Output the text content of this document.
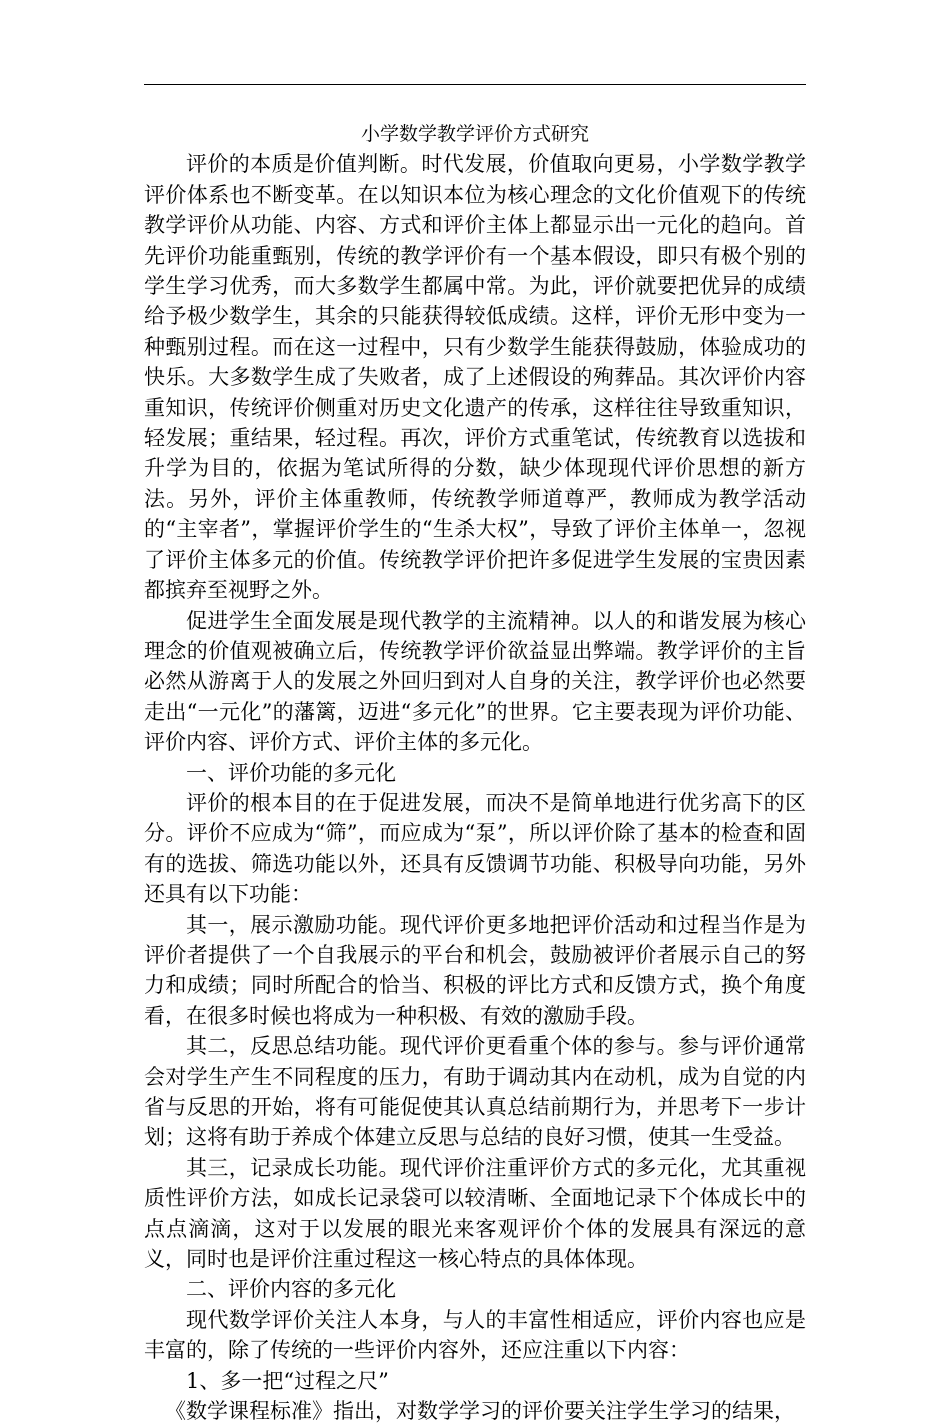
小学数学教学评价方式研究

评价的本质是价值判断。时代发展，价值取向更易，小学数学教学评价体系也不断变革。在以知识本位为核心理念的文化价值观下的传统教学评价从功能、内容、方式和评价主体上都显示出一元化的趋向。首先评价功能重甄别，传统的教学评价有一个基本假设，即只有极个别的学生学习优秀，而大多数学生都属中常。为此，评价就要把优异的成绩给予极少数学生，其余的只能获得较低成绩。这样，评价无形中变为一种甄别过程。而在这一过程中，只有少数学生能获得鼓励，体验成功的快乐。大多数学生成了失败者，成了上述假设的殉葬品。其次评价内容重知识，传统评价侧重对历史文化遗产的传承，这样往往导致重知识，轻发展；重结果，轻过程。再次，评价方式重笔试，传统教育以选拔和升学为目的，依据为笔试所得的分数，缺少体现现代评价思想的新方法。另外，评价主体重教师，传统教学师道尊严，教师成为教学活动的“主宰者”，掌握评价学生的“生杀大权”，导致了评价主体单一，忽视了评价主体多元的价值。传统教学评价把许多促进学生发展的宝贵因素都摈弃至视野之外。

促进学生全面发展是现代教学的主流精神。以人的和谐发展为核心理念的价值观被确立后，传统教学评价欲益显出弊端。教学评价的主旨必然从游离于人的发展之外回归到对人自身的关注，教学评价也必然要走出“一元化”的藩篱，迈进“多元化”的世界。它主要表现为评价功能、评价内容、评价方式、评价主体的多元化。

一、评价功能的多元化

评价的根本目的在于促进发展，而决不是简单地进行优劣高下的区分。评价不应成为“筛”，而应成为“泵”，所以评价除了基本的检查和固有的选拔、筛选功能以外，还具有反馈调节功能、积极导向功能，另外还具有以下功能：

其一，展示激励功能。现代评价更多地把评价活动和过程当作是为评价者提供了一个自我展示的平台和机会，鼓励被评价者展示自己的努力和成绩；同时所配合的恰当、积极的评比方式和反馈方式，换个角度看，在很多时候也将成为一种积极、有效的激励手段。

其二，反思总结功能。现代评价更看重个体的参与。参与评价通常会对学生产生不同程度的压力，有助于调动其内在动机，成为自觉的内省与反思的开始，将有可能促使其认真总结前期行为，并思考下一步计划；这将有助于养成个体建立反思与总结的良好习惯，使其一生受益。

其三，记录成长功能。现代评价注重评价方式的多元化，尤其重视质性评价方法，如成长记录袋可以较清晰、全面地记录下个体成长中的点点滴滴，这对于以发展的眼光来客观评价个体的发展具有深远的意义，同时也是评价注重过程这一核心特点的具体体现。

二、评价内容的多元化

现代数学评价关注人本身，与人的丰富性相适应，评价内容也应是丰富的，除了传统的一些评价内容外，还应注重以下内容：

1、多一把“过程之尺”

《数学课程标准》指出，对数学学习的评价要关注学生学习的结果，
